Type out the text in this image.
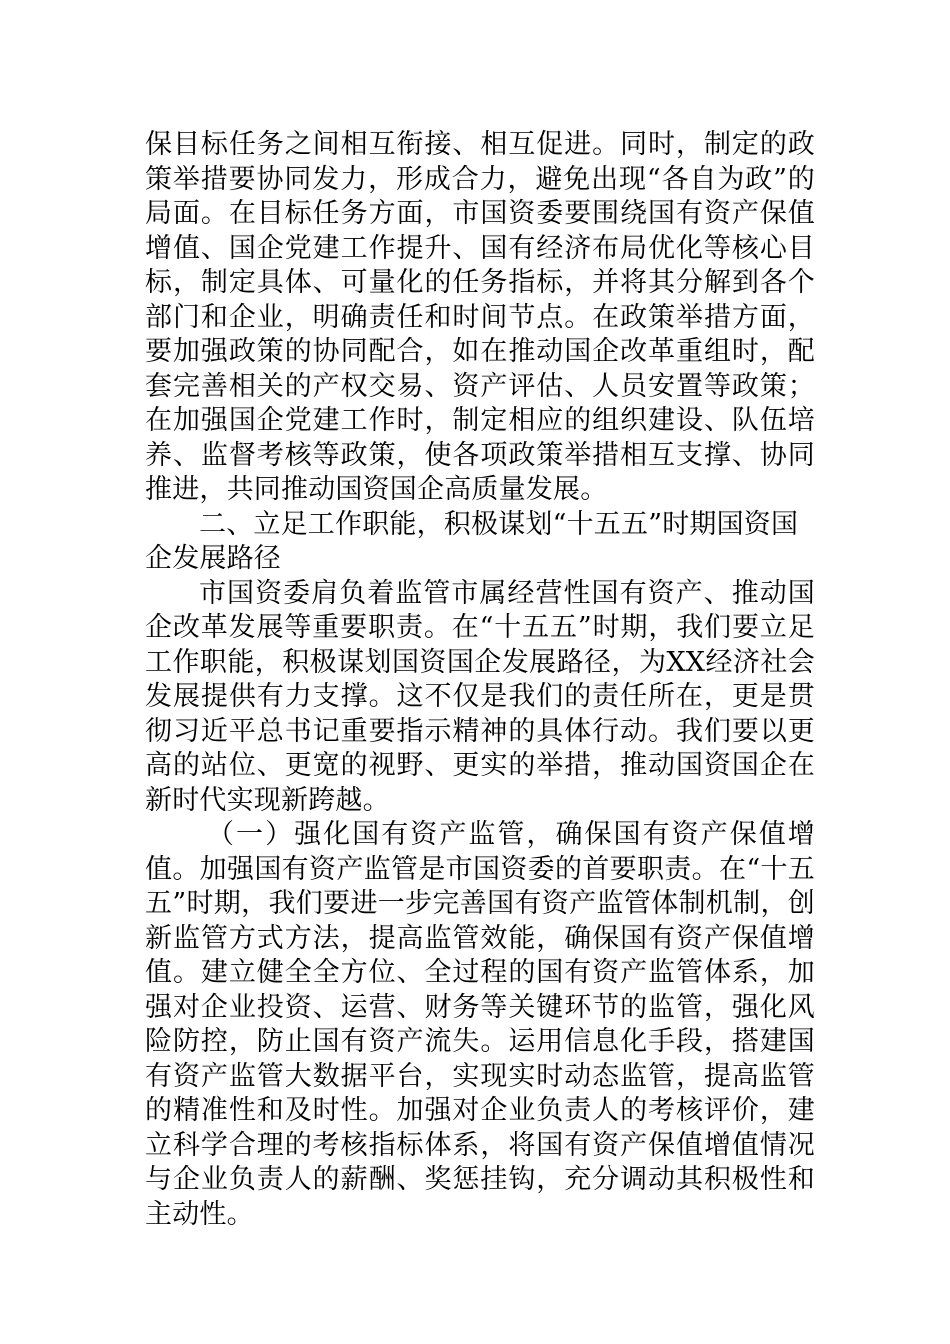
保目标任务之间相互衔接、相互促进。同时，制定的政策举措要协同发力，形成合力，避免出现“各自为政”的局面。在目标任务方面，市国资委要围绕国有资产保值增值、国企党建工作提升、国有经济布局优化等核心目标，制定具体、可量化的任务指标，并将其分解到各个部门和企业，明确责任和时间节点。在政策举措方面，要加强政策的协同配合，如在推动国企改革重组时，配套完善相关的产权交易、资产评估、人员安置等政策；在加强国企党建工作时，制定相应的组织建设、队伍培养、监督考核等政策，使各项政策举措相互支撑、协同推进，共同推动国资国企高质量发展。

二、立足工作职能，积极谋划“十五五”时期国资国企发展路径

市国资委肩负着监管市属经营性国有资产、推动国企改革发展等重要职责。在“十五五”时期，我们要立足工作职能，积极谋划国资国企发展路径，为XX经济社会发展提供有力支撑。这不仅是我们的责任所在，更是贯彻习近平总书记重要指示精神的具体行动。我们要以更高的站位、更宽的视野、更实的举措，推动国资国企在新时代实现新跨越。

（一）强化国有资产监管，确保国有资产保值增值。加强国有资产监管是市国资委的首要职责。在“十五五”时期，我们要进一步完善国有资产监管体制机制，创新监管方式方法，提高监管效能，确保国有资产保值增值。建立健全全方位、全过程的国有资产监管体系，加强对企业投资、运营、财务等关键环节的监管，强化风险防控，防止国有资产流失。运用信息化手段，搭建国有资产监管大数据平台，实现实时动态监管，提高监管的精准性和及时性。加强对企业负责人的考核评价，建立科学合理的考核指标体系，将国有资产保值增值情况与企业负责人的薪酬、奖惩挂钩，充分调动其积极性和主动性。
